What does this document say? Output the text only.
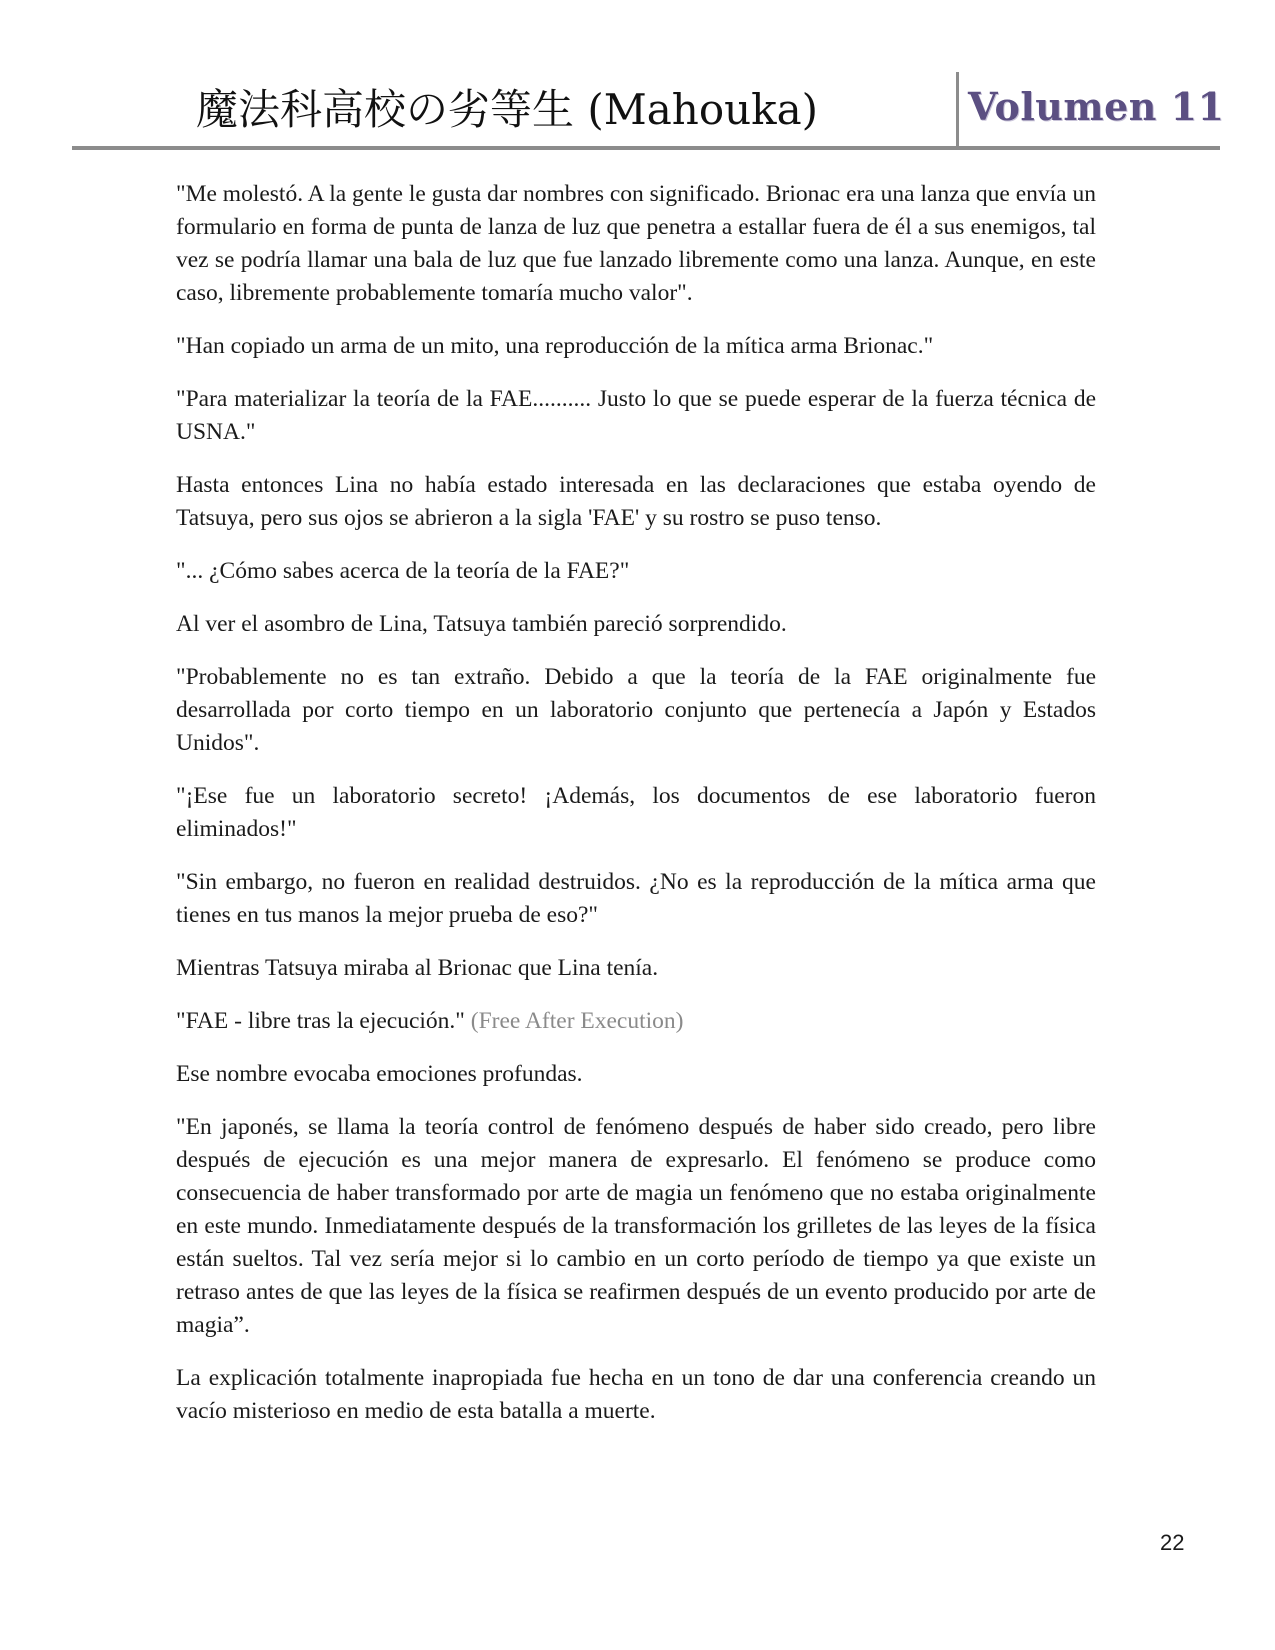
魔法科高校の劣等生 (Mahouka)	Volumen 11

"Me molestó. A la gente le gusta dar nombres con significado. Brionac era una lanza que envía un formulario en forma de punta de lanza de luz que penetra a estallar fuera de él a sus enemigos, tal vez se podría llamar una bala de luz que fue lanzado libremente como una lanza. Aunque, en este caso, libremente probablemente tomaría mucho valor".

"Han copiado un arma de un mito, una reproducción de la mítica arma Brionac."

"Para materializar la teoría de la FAE.......... Justo lo que se puede esperar de la fuerza técnica de USNA."

Hasta entonces Lina no había estado interesada en las declaraciones que estaba oyendo de Tatsuya, pero sus ojos se abrieron a la sigla 'FAE' y su rostro se puso tenso.

"... ¿Cómo sabes acerca de la teoría de la FAE?"

Al ver el asombro de Lina, Tatsuya también pareció sorprendido.

"Probablemente no es tan extraño. Debido a que la teoría de la FAE originalmente fue desarrollada por corto tiempo en un laboratorio conjunto que pertenecía a Japón y Estados Unidos".

"¡Ese fue un laboratorio secreto! ¡Además, los documentos de ese laboratorio fueron eliminados!"

"Sin embargo, no fueron en realidad destruidos. ¿No es la reproducción de la mítica arma que tienes en tus manos la mejor prueba de eso?"

Mientras Tatsuya miraba al Brionac que Lina tenía.

"FAE - libre tras la ejecución." (Free After Execution)

Ese nombre evocaba emociones profundas.

"En japonés, se llama la teoría control de fenómeno después de haber sido creado, pero libre después de ejecución es una mejor manera de expresarlo. El fenómeno se produce como consecuencia de haber transformado por arte de magia un fenómeno que no estaba originalmente en este mundo. Inmediatamente después de la transformación los grilletes de las leyes de la física están sueltos. Tal vez sería mejor si lo cambio en un corto período de tiempo ya que existe un retraso antes de que las leyes de la física se reafirmen después de un evento producido por arte de magia”.

La explicación totalmente inapropiada fue hecha en un tono de dar una conferencia creando un vacío misterioso en medio de esta batalla a muerte.

22
